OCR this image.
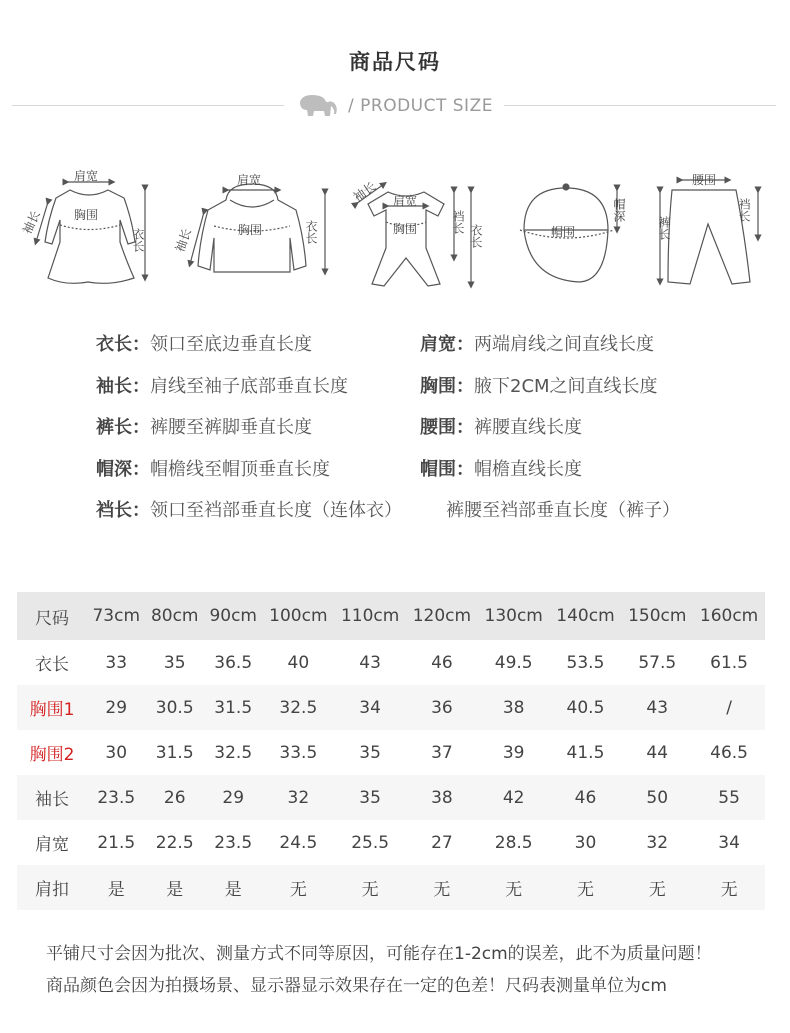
商品尺码
/ PRODUCT SIZE
肩宽
胸围
袖长
衣长
肩宽
胸围
袖长	衣长
袖长 肩宽
胸围	裆长
衣长	帽围
帽深
腰围
裤长
裆长
衣长：领口至底边垂直长度	肩宽：两端肩线之间直线长度
袖长：肩线至袖子底部垂直长度	胸围：腋下2CM之间直线长度
裤长：裤腰至裤脚垂直长度	腰围：裤腰直线长度
帽深：帽檐线至帽顶垂直长度	帽围：帽檐直线长度
裆长：领口至裆部垂直长度（连体衣） 裤腰至裆部垂直长度（裤子）
尺码	73cm	80cm	90cm	100cm	110cm	120cm	130cm	140cm	150cm	160cm
衣长	33	35	36.5	40	43	46	49.5	53.5	57.5	61.5
胸围1	29	30.5	31.5	32.5	34	36	38	40.5	43	/
胸围2	30	31.5	32.5	33.5	35	37	39	41.5	44	46.5
袖长	23.5	26	29	32	35	38	42	46	50	55
肩宽	21.5	22.5	23.5	24.5	25.5	27	28.5	30	32	34
肩扣	是	是	是	无	无	无	无	无	无	无
平铺尺寸会因为批次、测量方式不同等原因，可能存在1-2cm的误差，此不为质量问题！
商品颜色会因为拍摄场景、显示器显示效果存在一定的色差！尺码表测量单位为cm
